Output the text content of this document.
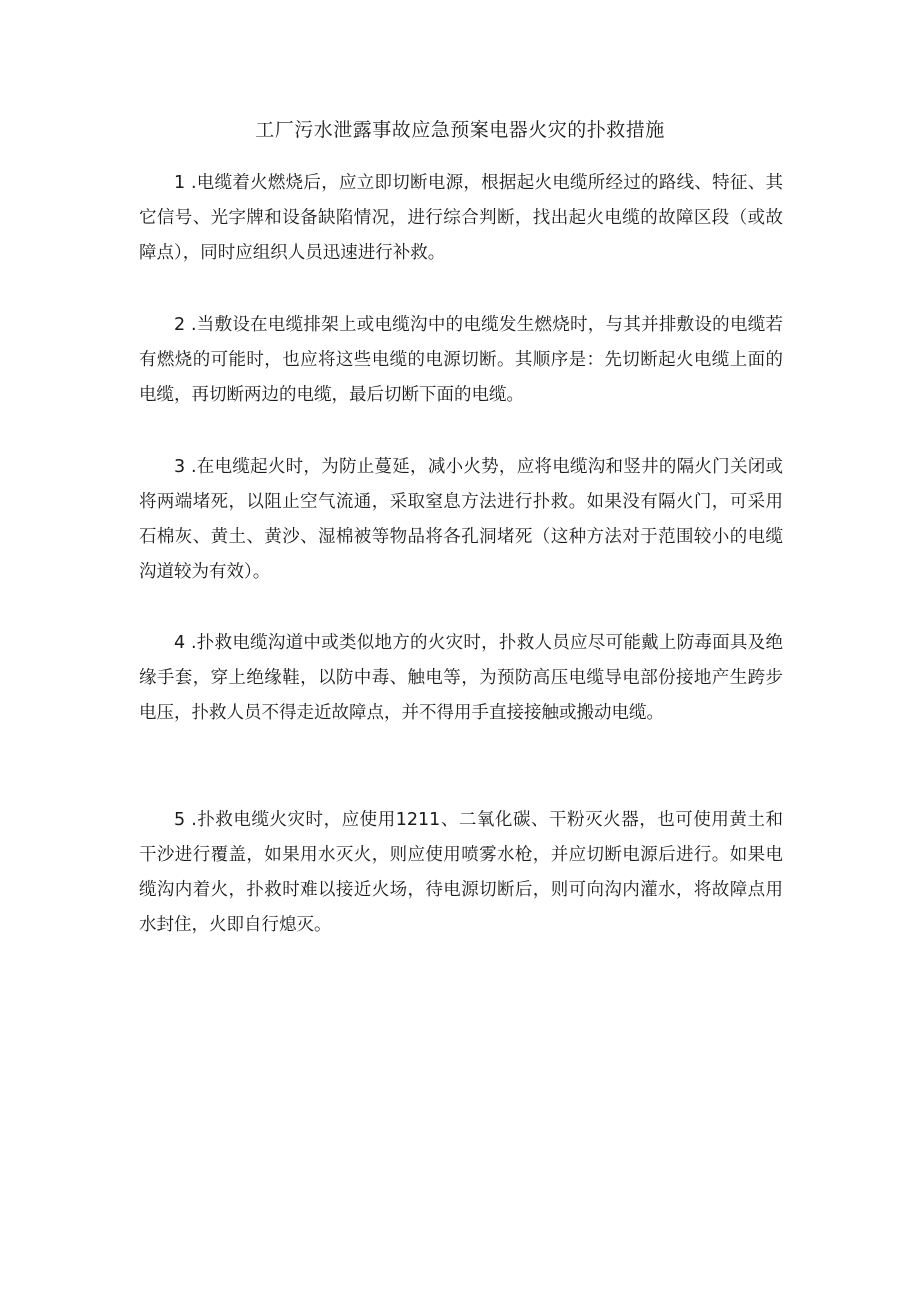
工厂污水泄露事故应急预案电器火灾的扑救措施

1 .电缆着火燃烧后，应立即切断电源，根据起火电缆所经过的路线、特征、其它信号、光字牌和设备缺陷情况，进行综合判断，找出起火电缆的故障区段（或故障点），同时应组织人员迅速进行补救。

2 .当敷设在电缆排架上或电缆沟中的电缆发生燃烧时，与其并排敷设的电缆若有燃烧的可能时，也应将这些电缆的电源切断。其顺序是：先切断起火电缆上面的电缆，再切断两边的电缆，最后切断下面的电缆。

3 .在电缆起火时，为防止蔓延，减小火势，应将电缆沟和竖井的隔火门关闭或将两端堵死，以阻止空气流通，采取窒息方法进行扑救。如果没有隔火门，可采用石棉灰、黄土、黄沙、湿棉被等物品将各孔洞堵死（这种方法对于范围较小的电缆沟道较为有效）。

4 .扑救电缆沟道中或类似地方的火灾时，扑救人员应尽可能戴上防毒面具及绝缘手套，穿上绝缘鞋，以防中毒、触电等，为预防高压电缆导电部份接地产生跨步电压，扑救人员不得走近故障点，并不得用手直接接触或搬动电缆。

5 .扑救电缆火灾时，应使用1211、二氧化碳、干粉灭火器，也可使用黄土和干沙进行覆盖，如果用水灭火，则应使用喷雾水枪，并应切断电源后进行。如果电缆沟内着火，扑救时难以接近火场，待电源切断后，则可向沟内灌水，将故障点用水封住，火即自行熄灭。
